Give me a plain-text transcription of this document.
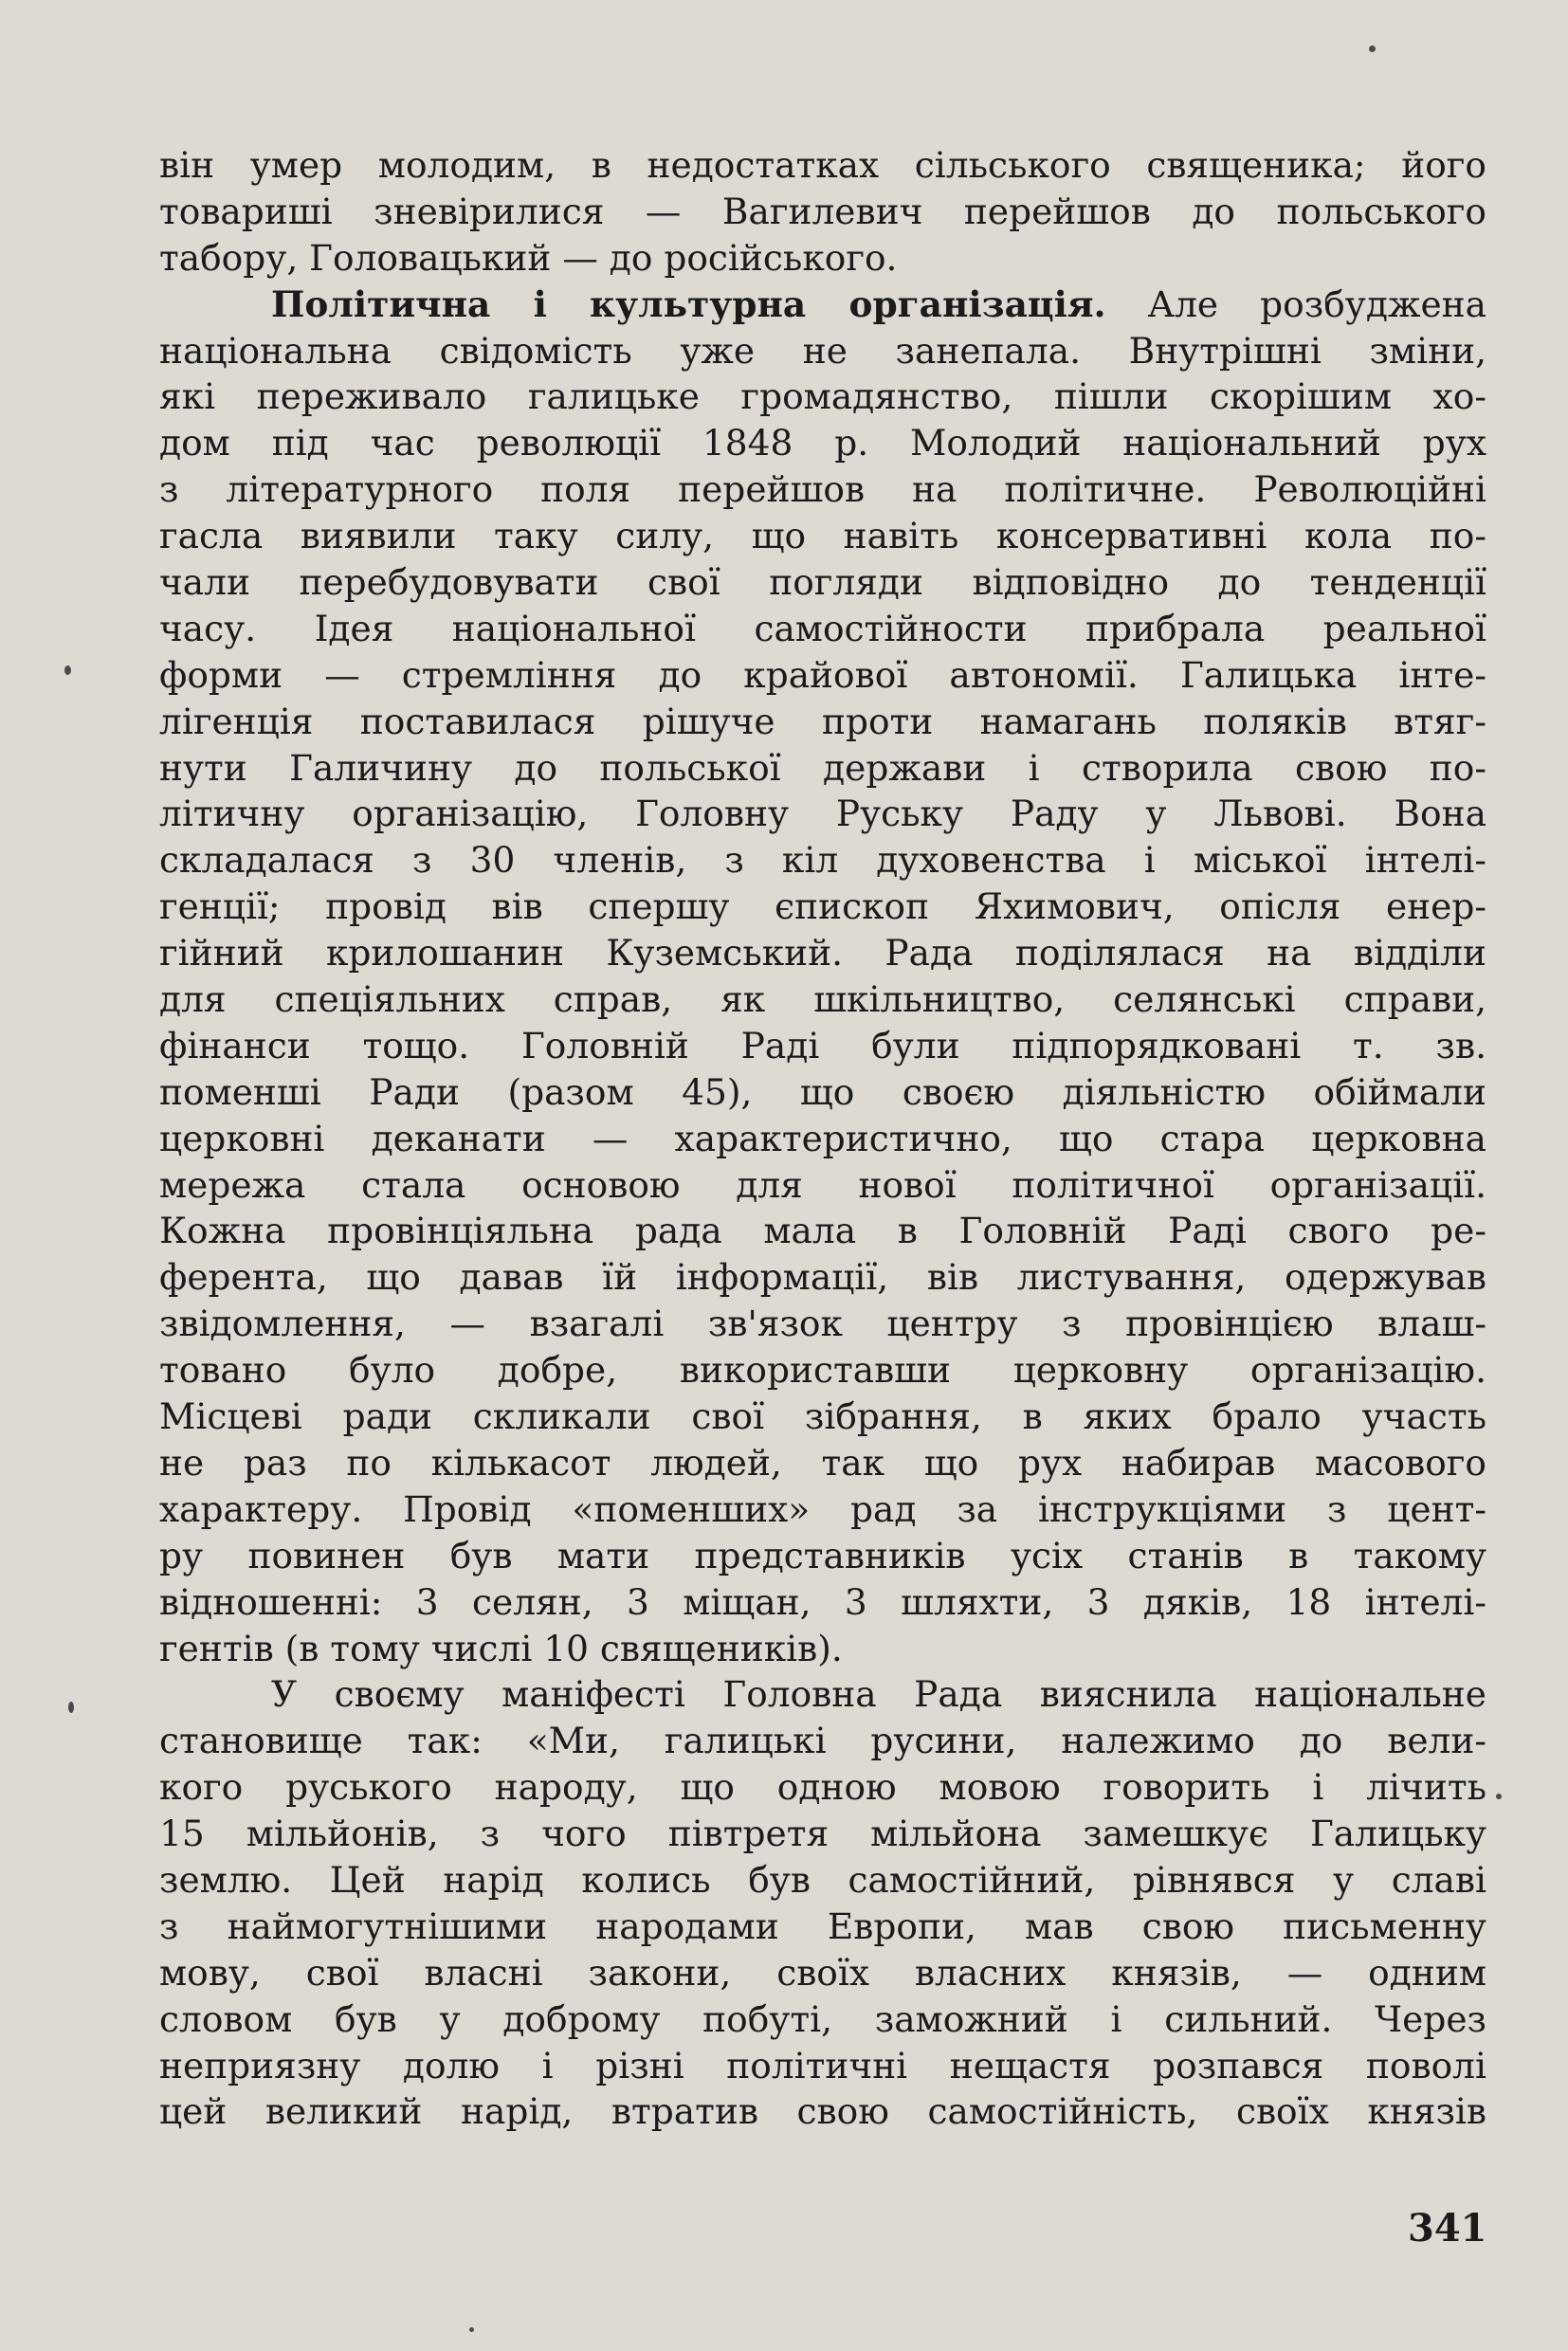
він умер молодим, в недостатках сільського священика; його
товариші зневірилися — Вагилевич перейшов до польського
табору, Головацький — до російського.
Політична і культурна організація. Але розбуджена
національна свідомість уже не занепала. Внутрішні зміни,
які переживало галицьке громадянство, пішли скорішим хо-
дом під час революції 1848 р. Молодий національний рух
з літературного поля перейшов на політичне. Революційні
гасла виявили таку силу, що навіть консервативні кола по-
чали перебудовувати свої погляди відповідно до тенденції
часу. Ідея національної самостійности прибрала реальної
форми — стремління до крайової автономії. Галицька інте-
лігенція поставилася рішуче проти намагань поляків втяг-
нути Галичину до польської держави і створила свою по-
літичну організацію, Головну Руську Раду у Львові. Вона
складалася з 30 членів, з кіл духовенства і міської інтелі-
генції; провід вів спершу єпископ Яхимович, опісля енер-
гійний крилошанин Куземський. Рада поділялася на відділи
для спеціяльних справ, як шкільництво, селянські справи,
фінанси тощо. Головній Раді були підпорядковані т. зв.
поменші Ради (разом 45), що своєю діяльністю обіймали
церковні деканати — характеристично, що стара церковна
мережа стала основою для нової політичної організації.
Кожна провінціяльна рада мала в Головній Раді свого ре-
ферента, що давав їй інформації, вів листування, одержував
звідомлення, — взагалі зв'язок центру з провінцією влаш-
товано було добре, використавши церковну організацію.
Місцеві ради скликали свої зібрання, в яких брало участь
не раз по кількасот людей, так що рух набирав масового
характеру. Провід «поменших» рад за інструкціями з цент-
ру повинен був мати представників усіх станів в такому
відношенні: 3 селян, 3 міщан, 3 шляхти, 3 дяків, 18 інтелі-
гентів (в тому числі 10 священиків).
У своєму маніфесті Головна Рада вияснила національне
становище так: «Ми, галицькі русини, належимо до вели-
кого руського народу, що одною мовою говорить і лічить
15 мільйонів, з чого півтретя мільйона замешкує Галицьку
землю. Цей нарід колись був самостійний, рівнявся у славі
з наймогутнішими народами Европи, мав свою письменну
мову, свої власні закони, своїх власних князів, — одним
словом був у доброму побуті, заможний і сильний. Через
неприязну долю і різні політичні нещастя розпався поволі
цей великий нарід, втратив свою самостійність, своїх князів
341
